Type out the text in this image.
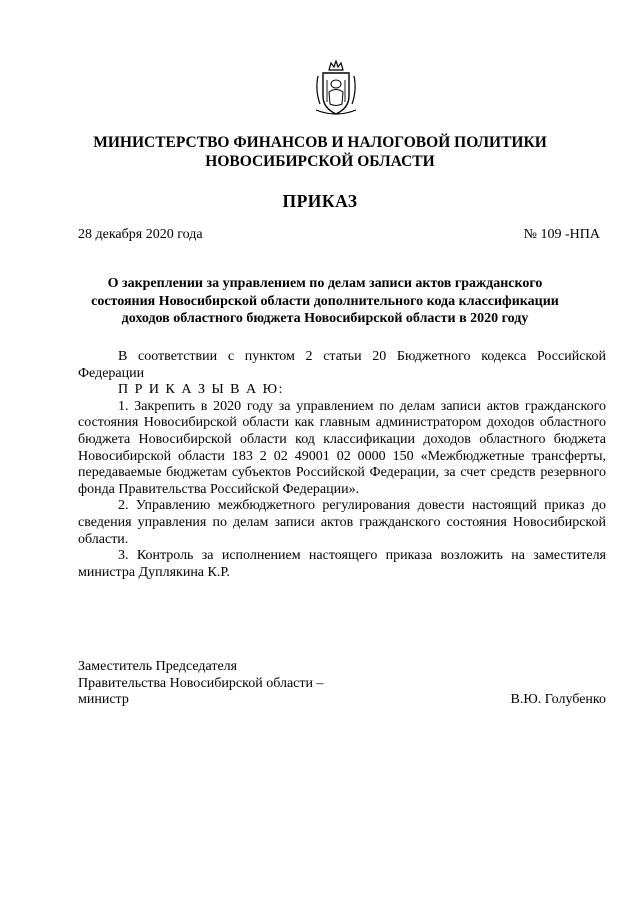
МИНИСТЕРСТВО ФИНАНСОВ И НАЛОГОВОЙ ПОЛИТИКИ
НОВОСИБИРСКОЙ ОБЛАСТИ
ПРИКАЗ
28 декабря 2020 года	№ 109 -НПА
О закреплении за управлением по делам записи актов гражданского
состояния Новосибирской области дополнительного кода классификации
доходов областного бюджета Новосибирской области в 2020 году

В соответствии с пунктом 2 статьи 20 Бюджетного кодекса Российской Федерации

П Р И К А З Ы В А Ю:

1. Закрепить в 2020 году за управлением по делам записи актов гражданского состояния Новосибирской области как главным администратором доходов областного бюджета Новосибирской области код классификации доходов областного бюджета Новосибирской области 183 2 02 49001 02 0000 150 «Межбюджетные трансферты, передаваемые бюджетам субъектов Российской Федерации, за счет средств резервного фонда Правительства Российской Федерации».

2. Управлению межбюджетного регулирования довести настоящий приказ до сведения управления по делам записи актов гражданского состояния Новосибирской области.

3. Контроль за исполнением настоящего приказа возложить на заместителя министра Дуплякина К.Р.

Заместитель Председателя
Правительства Новосибирской области –
министр	В.Ю. Голубенко
